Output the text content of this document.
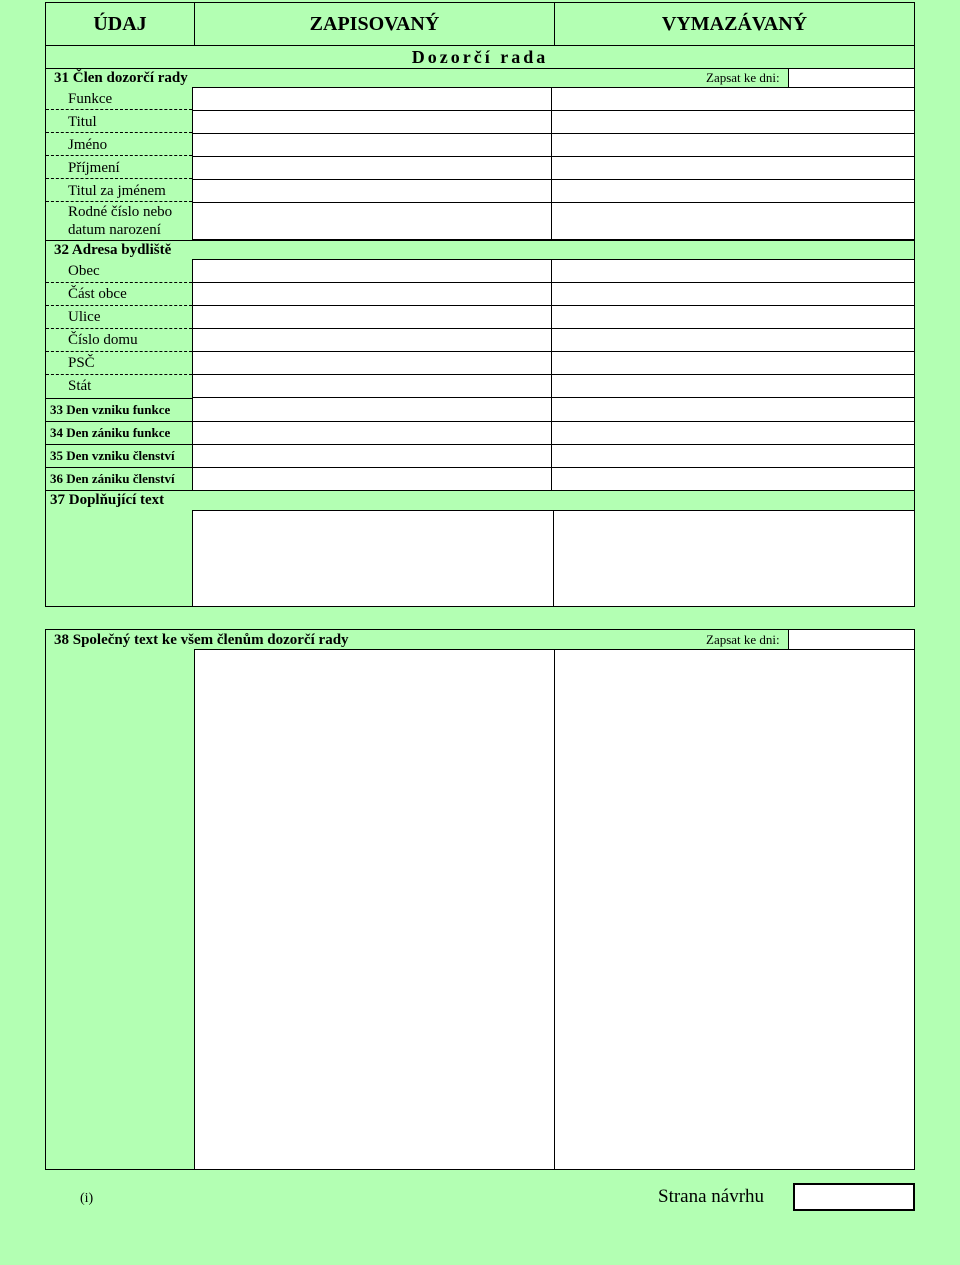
ÚDAJ	ZAPISOVANÝ	VYMAZÁVANÝ
Dozorčí rada
31 Člen dozorčí rady	Zapsat ke dni:
Funkce
Titul
Jméno
Příjmení
Titul za jménem
Rodné číslo nebo
datum narození
32 Adresa bydliště
Obec
Část obce
Ulice
Číslo domu
PSČ
Stát
33 Den vzniku funkce
34 Den zániku funkce
35 Den vzniku členství
36 Den zániku členství
37 Doplňující text
38 Společný text ke všem členům dozorčí rady	Zapsat ke dni:
(i)	Strana návrhu
